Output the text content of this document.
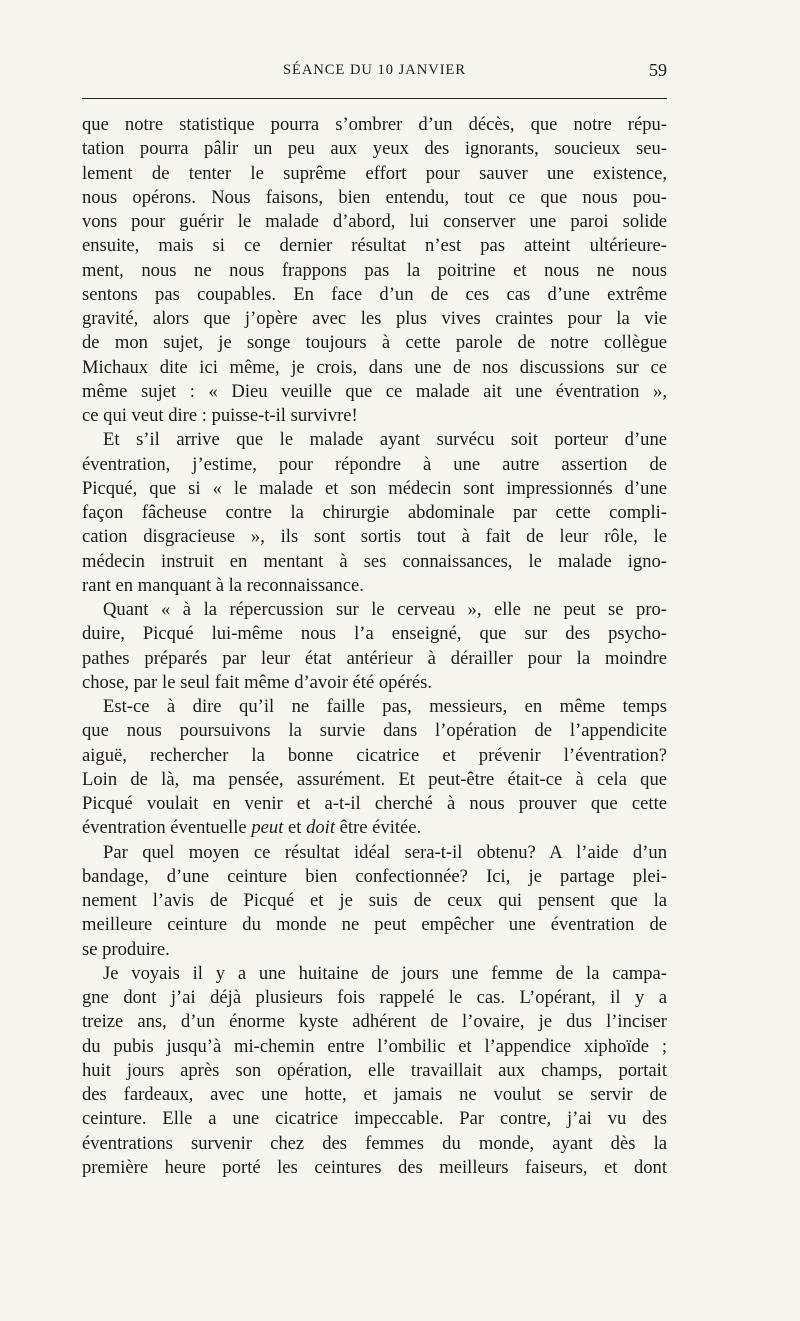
SÉANCE DU 10 JANVIER	59
que notre statistique pourra s’ombrer d’un décès, que notre répu-
tation pourra pâlir un peu aux yeux des ignorants, soucieux seu-
lement de tenter le suprême effort pour sauver une existence,
nous opérons. Nous faisons, bien entendu, tout ce que nous pou-
vons pour guérir le malade d’abord, lui conserver une paroi solide
ensuite, mais si ce dernier résultat n’est pas atteint ultérieure-
ment, nous ne nous frappons pas la poitrine et nous ne nous
sentons pas coupables. En face d’un de ces cas d’une extrême
gravité, alors que j’opère avec les plus vives craintes pour la vie
de mon sujet, je songe toujours à cette parole de notre collègue
Michaux dite ici même, je crois, dans une de nos discussions sur ce
même sujet : « Dieu veuille que ce malade ait une éventration »,
ce qui veut dire : puisse-t-il survivre!
Et s’il arrive que le malade ayant survécu soit porteur d’une
éventration, j’estime, pour répondre à une autre assertion de
Picqué, que si « le malade et son médecin sont impressionnés d’une
façon fâcheuse contre la chirurgie abdominale par cette compli-
cation disgracieuse », ils sont sortis tout à fait de leur rôle, le
médecin instruit en mentant à ses connaissances, le malade igno-
rant en manquant à la reconnaissance.
Quant « à la répercussion sur le cerveau », elle ne peut se pro-
duire, Picqué lui-même nous l’a enseigné, que sur des psycho-
pathes préparés par leur état antérieur à dérailler pour la moindre
chose, par le seul fait même d’avoir été opérés.
Est-ce à dire qu’il ne faille pas, messieurs, en même temps
que nous poursuivons la survie dans l’opération de l’appendicite
aiguë, rechercher la bonne cicatrice et prévenir l’éventration?
Loin de là, ma pensée, assurément. Et peut-être était-ce à cela que
Picqué voulait en venir et a-t-il cherché à nous prouver que cette
éventration éventuelle peut et doit être évitée.
Par quel moyen ce résultat idéal sera-t-il obtenu? A l’aide d’un
bandage, d’une ceinture bien confectionnée? Ici, je partage plei-
nement l’avis de Picqué et je suis de ceux qui pensent que la
meilleure ceinture du monde ne peut empêcher une éventration de
se produire.
Je voyais il y a une huitaine de jours une femme de la campa-
gne dont j’ai déjà plusieurs fois rappelé le cas. L’opérant, il y a
treize ans, d’un énorme kyste adhérent de l’ovaire, je dus l’inciser
du pubis jusqu’à mi-chemin entre l’ombilic et l’appendice xiphoïde ;
huit jours après son opération, elle travaillait aux champs, portait
des fardeaux, avec une hotte, et jamais ne voulut se servir de
ceinture. Elle a une cicatrice impeccable. Par contre, j’ai vu des
éventrations survenir chez des femmes du monde, ayant dès la
première heure porté les ceintures des meilleurs faiseurs, et dont
